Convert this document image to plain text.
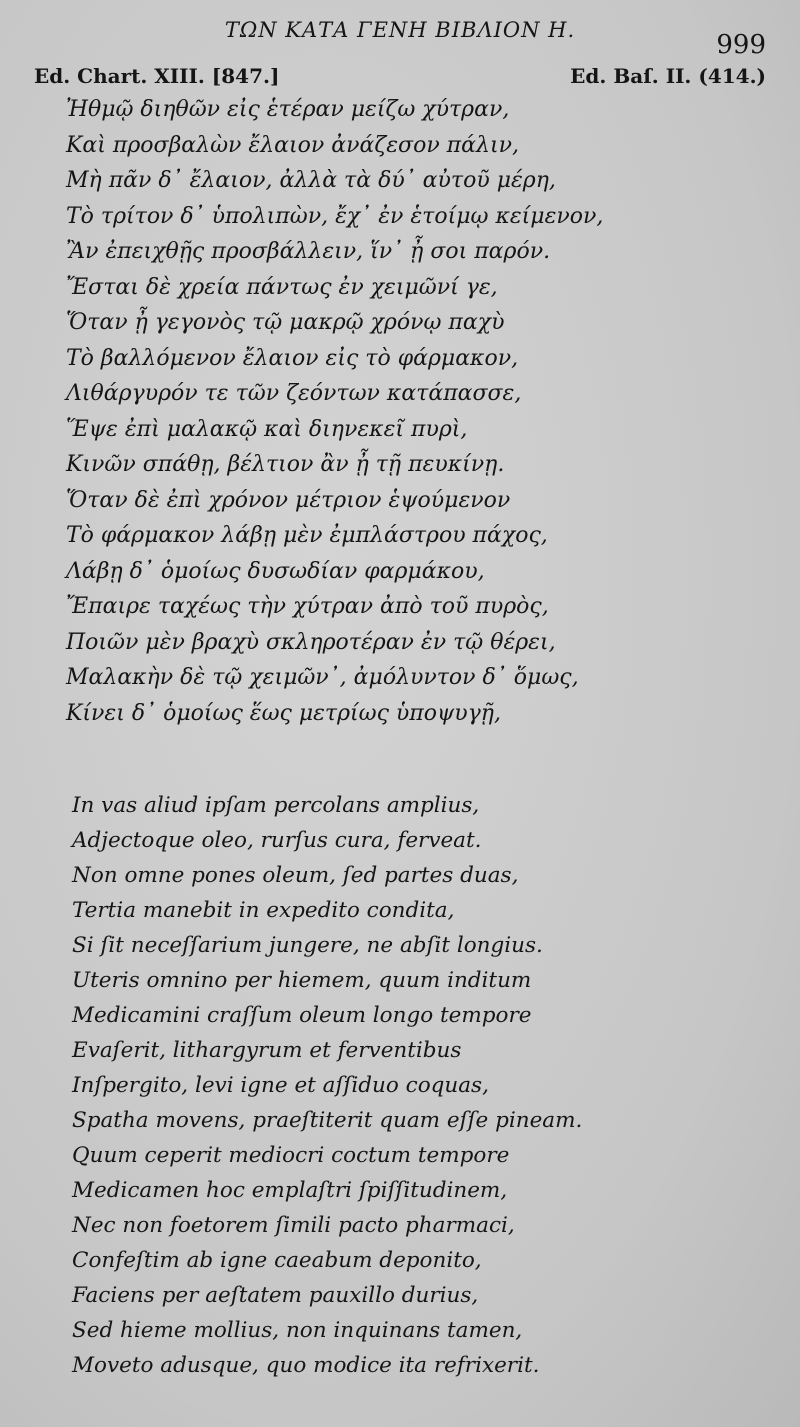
ΤΩΝ ΚΑΤΑ ΓΕΝΗ ΒΙΒΛΙΟΝ Η.	999
Ed. Chart. XIII. [847.]	Ed. Baſ. II. (414.)
Ἠθμῷ διηθῶν εἰς ἑτέραν μείζω χύτραν,
Καὶ προσβαλὼν ἔλαιον ἀνάζεσον πάλιν,
Μὴ πᾶν δ᾽ ἔλαιον, ἀλλὰ τὰ δύ᾽ αὐτοῦ μέρη,
Τὸ τρίτον δ᾽ ὑπολιπὼν, ἔχ᾽ ἐν ἑτοίμῳ κείμενον,
Ἂν ἐπειχθῇς προσβάλλειν, ἵν᾽ ᾖ σοι παρόν.
Ἔσται δὲ χρεία πάντως ἐν χειμῶνί γε,
Ὅταν ᾖ γεγονὸς τῷ μακρῷ χρόνῳ παχὺ
Τὸ βαλλόμενον ἔλαιον εἰς τὸ φάρμακον,
Λιθάργυρόν τε τῶν ζεόντων κατάπασσε,
Ἕψε ἐπὶ μαλακῷ καὶ διηνεκεῖ πυρὶ,
Κινῶν σπάθῃ, βέλτιον ἂν ᾖ τῇ πευκίνῃ.
Ὅταν δὲ ἐπὶ χρόνον μέτριον ἑψούμενον
Τὸ φάρμακον λάβῃ μὲν ἐμπλάστρου πάχος,
Λάβῃ δ᾽ ὁμοίως δυσωδίαν φαρμάκου,
Ἔπαιρε ταχέως τὴν χύτραν ἀπὸ τοῦ πυρὸς,
Ποιῶν μὲν βραχὺ σκληροτέραν ἐν τῷ θέρει,
Μαλακὴν δὲ τῷ χειμῶν᾽, ἀμόλυντον δ᾽ ὅμως,
Κίνει δ᾽ ὁμοίως ἕως μετρίως ὑποψυγῇ,
In vas aliud ipſam percolans amplius,
Adjectoque oleo, rurſus cura, ferveat.
Non omne pones oleum, ſed partes duas,
Tertia manebit in expedito condita,
Si ſit neceſſarium jungere, ne abſit longius.
Uteris omnino per hiemem, quum inditum
Medicamini craſſum oleum longo tempore
Evaſerit, lithargyrum et ferventibus
Inſpergito, levi igne et aſſiduo coquas,
Spatha movens, praeſtiterit quam eſſe pineam.
Quum ceperit mediocri coctum tempore
Medicamen hoc emplaſtri ſpiſſitudinem,
Nec non foetorem ſimili pacto pharmaci,
Confeſtim ab igne caeabum deponito,
Faciens per aeſtatem pauxillo durius,
Sed hieme mollius, non inquinans tamen,
Moveto adusque, quo modice ita refrixerit.
